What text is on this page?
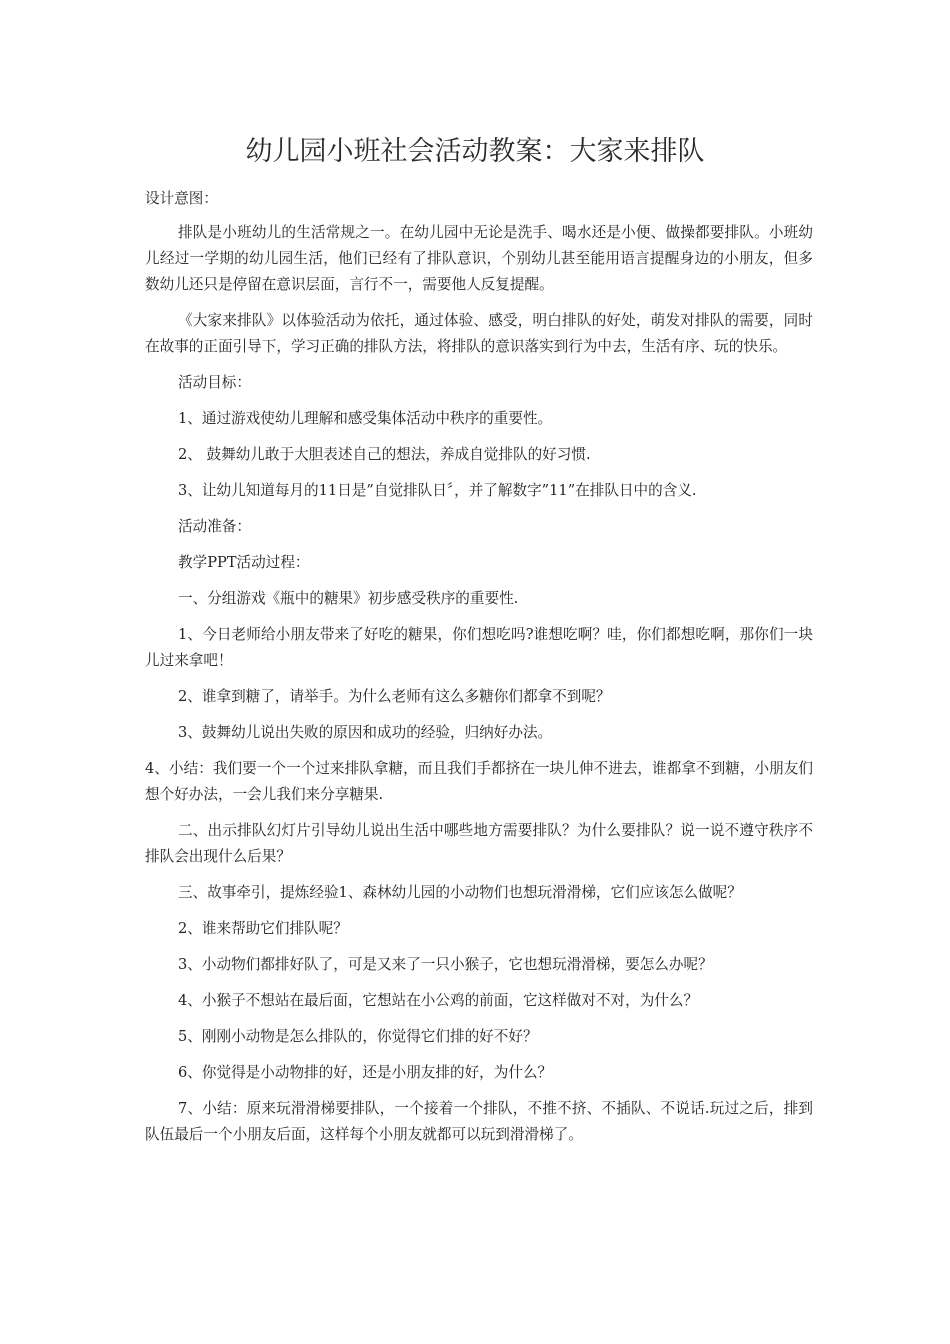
幼儿园小班社会活动教案：大家来排队

设计意图：

排队是小班幼儿的生活常规之一。在幼儿园中无论是洗手、喝水还是小便、做操都要排队。小班幼儿经过一学期的幼儿园生活，他们已经有了排队意识，个别幼儿甚至能用语言提醒身边的小朋友，但多数幼儿还只是停留在意识层面，言行不一，需要他人反复提醒。

《大家来排队》以体验活动为依托，通过体验、感受，明白排队的好处，萌发对排队的需要，同时在故事的正面引导下，学习正确的排队方法，将排队的意识落实到行为中去，生活有序、玩的快乐。

活动目标：

1、通过游戏使幼儿理解和感受集体活动中秩序的重要性。

2、 鼓舞幼儿敢于大胆表述自己的想法，养成自觉排队的好习惯.

3、让幼儿知道每月的11日是”自觉排队日〞，并了解数字”11”在排队日中的含义.

活动准备：

教学PPT活动过程：

一、分组游戏《瓶中的糖果》初步感受秩序的重要性.

1、今日老师给小朋友带来了好吃的糖果，你们想吃吗?谁想吃啊？哇，你们都想吃啊，那你们一块儿过来拿吧！

2、谁拿到糖了，请举手。为什么老师有这么多糖你们都拿不到呢？

3、鼓舞幼儿说出失败的原因和成功的经验，归纳好办法。

4、小结：我们要一个一个过来排队拿糖，而且我们手都挤在一块儿伸不进去，谁都拿不到糖，小朋友们想个好办法，一会儿我们来分享糖果.

二、出示排队幻灯片引导幼儿说出生活中哪些地方需要排队？为什么要排队？说一说不遵守秩序不排队会出现什么后果？

三、故事牵引，提炼经验1、森林幼儿园的小动物们也想玩滑滑梯，它们应该怎么做呢？

2、谁来帮助它们排队呢？

3、小动物们都排好队了，可是又来了一只小猴子，它也想玩滑滑梯，要怎么办呢？

4、小猴子不想站在最后面，它想站在小公鸡的前面，它这样做对不对，为什么？

5、刚刚小动物是怎么排队的，你觉得它们排的好不好？

6、你觉得是小动物排的好，还是小朋友排的好，为什么？

7、小结：原来玩滑滑梯要排队，一个接着一个排队，不推不挤、不插队、不说话.玩过之后，排到队伍最后一个小朋友后面，这样每个小朋友就都可以玩到滑滑梯了。
